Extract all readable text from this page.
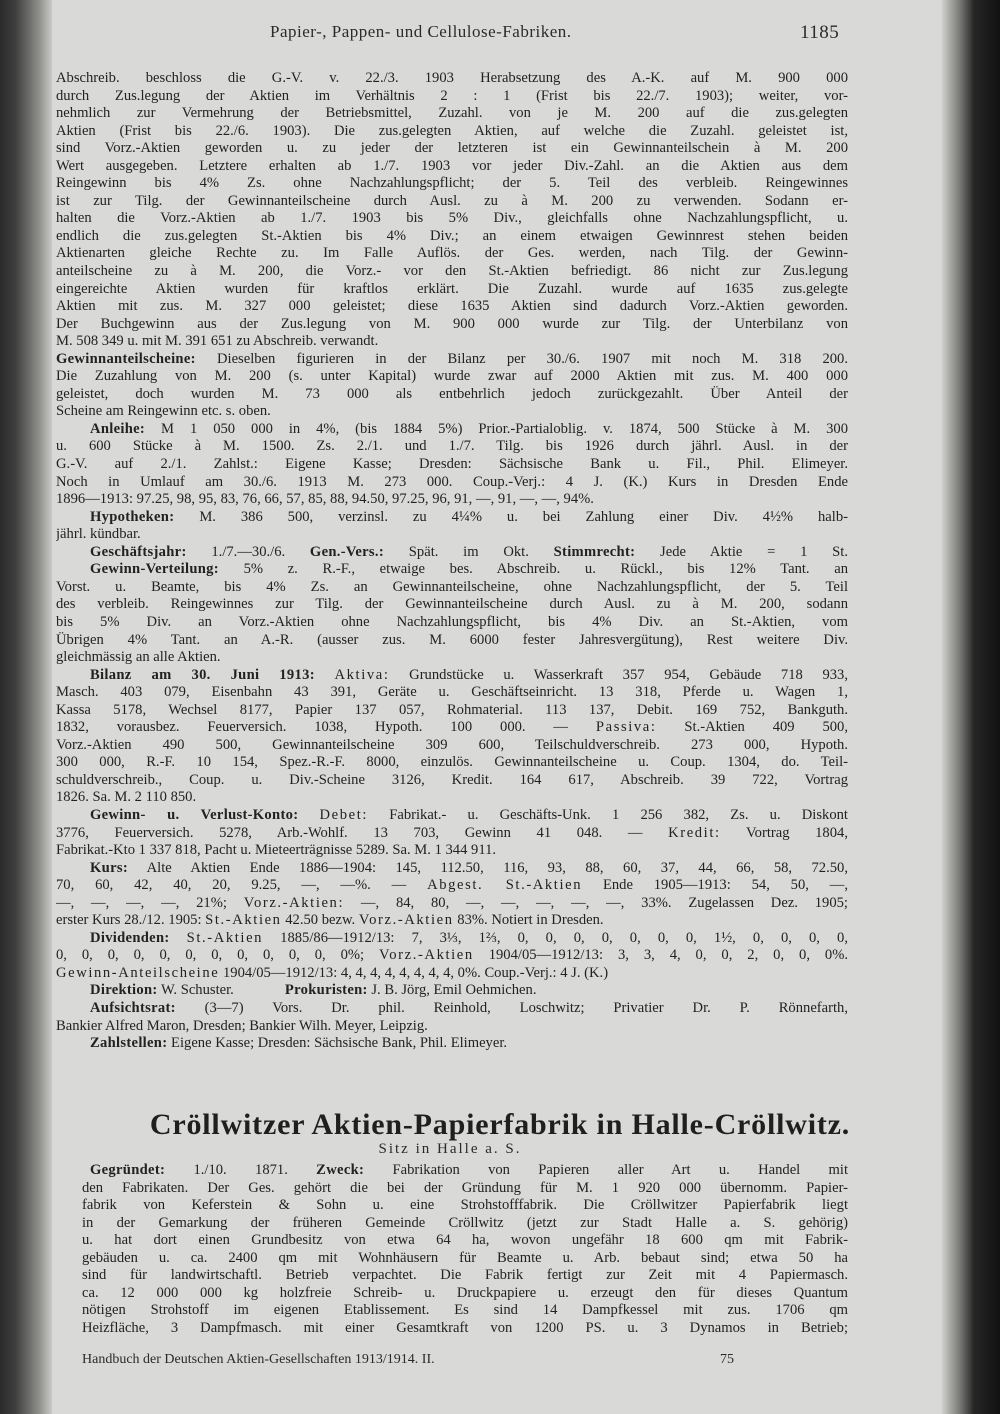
Papier-, Pappen- und Cellulose-Fabriken.	1185
Abschreib. beschloss die G.-V. v. 22./3. 1903 Herabsetzung des A.-K. auf M. 900 000
durch Zus.legung der Aktien im Verhältnis 2 : 1 (Frist bis 22./7. 1903); weiter, vor-
nehmlich zur Vermehrung der Betriebsmittel, Zuzahl. von je M. 200 auf die zus.gelegten
Aktien (Frist bis 22./6. 1903). Die zus.gelegten Aktien, auf welche die Zuzahl. geleistet ist,
sind Vorz.-Aktien geworden u. zu jeder der letzteren ist ein Gewinnanteilschein à M. 200
Wert ausgegeben. Letztere erhalten ab 1./7. 1903 vor jeder Div.-Zahl. an die Aktien aus dem
Reingewinn bis 4% Zs. ohne Nachzahlungspflicht; der 5. Teil des verbleib. Reingewinnes
ist zur Tilg. der Gewinnanteilscheine durch Ausl. zu à M. 200 zu verwenden. Sodann er-
halten die Vorz.-Aktien ab 1./7. 1903 bis 5% Div., gleichfalls ohne Nachzahlungspflicht, u.
endlich die zus.gelegten St.-Aktien bis 4% Div.; an einem etwaigen Gewinnrest stehen beiden
Aktienarten gleiche Rechte zu. Im Falle Auflös. der Ges. werden, nach Tilg. der Gewinn-
anteilscheine zu à M. 200, die Vorz.- vor den St.-Aktien befriedigt. 86 nicht zur Zus.legung
eingereichte Aktien wurden für kraftlos erklärt. Die Zuzahl. wurde auf 1635 zus.gelegte
Aktien mit zus. M. 327 000 geleistet; diese 1635 Aktien sind dadurch Vorz.-Aktien geworden.
Der Buchgewinn aus der Zus.legung von M. 900 000 wurde zur Tilg. der Unterbilanz von
M. 508 349 u. mit M. 391 651 zu Abschreib. verwandt.
Gewinnanteilscheine: Dieselben figurieren in der Bilanz per 30./6. 1907 mit noch M. 318 200.
Die Zuzahlung von M. 200 (s. unter Kapital) wurde zwar auf 2000 Aktien mit zus. M. 400 000
geleistet, doch wurden M. 73 000 als entbehrlich jedoch zurückgezahlt. Über Anteil der
Scheine am Reingewinn etc. s. oben.
Anleihe: M 1 050 000 in 4%, (bis 1884 5%) Prior.-Partialoblig. v. 1874, 500 Stücke à M. 300
u. 600 Stücke à M. 1500. Zs. 2./1. und 1./7. Tilg. bis 1926 durch jährl. Ausl. in der
G.-V. auf 2./1. Zahlst.: Eigene Kasse; Dresden: Sächsische Bank u. Fil., Phil. Elimeyer.
Noch in Umlauf am 30./6. 1913 M. 273 000. Coup.-Verj.: 4 J. (K.) Kurs in Dresden Ende
1896—1913: 97.25, 98, 95, 83, 76, 66, 57, 85, 88, 94.50, 97.25, 96, 91, —, 91, —, —, 94%.
Hypotheken: M. 386 500, verzinsl. zu 4¼% u. bei Zahlung einer Div. 4½% halb-
jährl. kündbar.
Geschäftsjahr: 1./7.—30./6. Gen.-Vers.: Spät. im Okt. Stimmrecht: Jede Aktie = 1 St.
Gewinn-Verteilung: 5% z. R.-F., etwaige bes. Abschreib. u. Rückl., bis 12% Tant. an
Vorst. u. Beamte, bis 4% Zs. an Gewinnanteilscheine, ohne Nachzahlungspflicht, der 5. Teil
des verbleib. Reingewinnes zur Tilg. der Gewinnanteilscheine durch Ausl. zu à M. 200, sodann
bis 5% Div. an Vorz.-Aktien ohne Nachzahlungspflicht, bis 4% Div. an St.-Aktien, vom
Übrigen 4% Tant. an A.-R. (ausser zus. M. 6000 fester Jahresvergütung), Rest weitere Div.
gleichmässig an alle Aktien.
Bilanz am 30. Juni 1913: Aktiva: Grundstücke u. Wasserkraft 357 954, Gebäude 718 933,
Masch. 403 079, Eisenbahn 43 391, Geräte u. Geschäftseinricht. 13 318, Pferde u. Wagen 1,
Kassa 5178, Wechsel 8177, Papier 137 057, Rohmaterial. 113 137, Debit. 169 752, Bankguth.
1832, vorausbez. Feuerversich. 1038, Hypoth. 100 000. — Passiva: St.-Aktien 409 500,
Vorz.-Aktien 490 500, Gewinnanteilscheine 309 600, Teilschuldverschreib. 273 000, Hypoth.
300 000, R.-F. 10 154, Spez.-R.-F. 8000, einzulös. Gewinnanteilscheine u. Coup. 1304, do. Teil-
schuldverschreib., Coup. u. Div.-Scheine 3126, Kredit. 164 617, Abschreib. 39 722, Vortrag
1826. Sa. M. 2 110 850.
Gewinn- u. Verlust-Konto: Debet: Fabrikat.- u. Geschäfts-Unk. 1 256 382, Zs. u. Diskont
3776, Feuerversich. 5278, Arb.-Wohlf. 13 703, Gewinn 41 048. — Kredit: Vortrag 1804,
Fabrikat.-Kto 1 337 818, Pacht u. Mieteerträgnisse 5289. Sa. M. 1 344 911.
Kurs: Alte Aktien Ende 1886—1904: 145, 112.50, 116, 93, 88, 60, 37, 44, 66, 58, 72.50,
70, 60, 42, 40, 20, 9.25, —, —%. — Abgest. St.-Aktien Ende 1905—1913: 54, 50, —,
—, —, —, —, 21%; Vorz.-Aktien: —, 84, 80, —, —, —, —, —, 33%. Zugelassen Dez. 1905;
erster Kurs 28./12. 1905: St.-Aktien 42.50 bezw. Vorz.-Aktien 83%. Notiert in Dresden.
Dividenden: St.-Aktien 1885/86—1912/13: 7, 3⅓, 1⅔, 0, 0, 0, 0, 0, 0, 0, 1½, 0, 0, 0, 0,
0, 0, 0, 0, 0, 0, 0, 0, 0, 0, 0, 0%; Vorz.-Aktien 1904/05—1912/13: 3, 3, 4, 0, 0, 2, 0, 0, 0%.
Gewinn-Anteilscheine 1904/05—1912/13: 4, 4, 4, 4, 4, 4, 4, 4, 0%. Coup.-Verj.: 4 J. (K.)
Direktion: W. Schuster.	Prokuristen: J. B. Jörg, Emil Oehmichen.
Aufsichtsrat: (3—7) Vors. Dr. phil. Reinhold, Loschwitz; Privatier Dr. P. Rönnefarth,
Bankier Alfred Maron, Dresden; Bankier Wilh. Meyer, Leipzig.
Zahlstellen: Eigene Kasse; Dresden: Sächsische Bank, Phil. Elimeyer.
Cröllwitzer Aktien-Papierfabrik in Halle-Cröllwitz.
Sitz in Halle a. S.
Gegründet: 1./10. 1871. Zweck: Fabrikation von Papieren aller Art u. Handel mit
den Fabrikaten. Der Ges. gehört die bei der Gründung für M. 1 920 000 übernomm. Papier-
fabrik von Keferstein & Sohn u. eine Strohstofffabrik. Die Cröllwitzer Papierfabrik liegt
in der Gemarkung der früheren Gemeinde Cröllwitz (jetzt zur Stadt Halle a. S. gehörig)
u. hat dort einen Grundbesitz von etwa 64 ha, wovon ungefähr 18 600 qm mit Fabrik-
gebäuden u. ca. 2400 qm mit Wohnhäusern für Beamte u. Arb. bebaut sind; etwa 50 ha
sind für landwirtschaftl. Betrieb verpachtet. Die Fabrik fertigt zur Zeit mit 4 Papiermasch.
ca. 12 000 000 kg holzfreie Schreib- u. Druckpapiere u. erzeugt den für dieses Quantum
nötigen Strohstoff im eigenen Etablissement. Es sind 14 Dampfkessel mit zus. 1706 qm
Heizfläche, 3 Dampfmasch. mit einer Gesamtkraft von 1200 PS. u. 3 Dynamos in Betrieb;
Handbuch der Deutschen Aktien-Gesellschaften 1913/1914. II.	75
